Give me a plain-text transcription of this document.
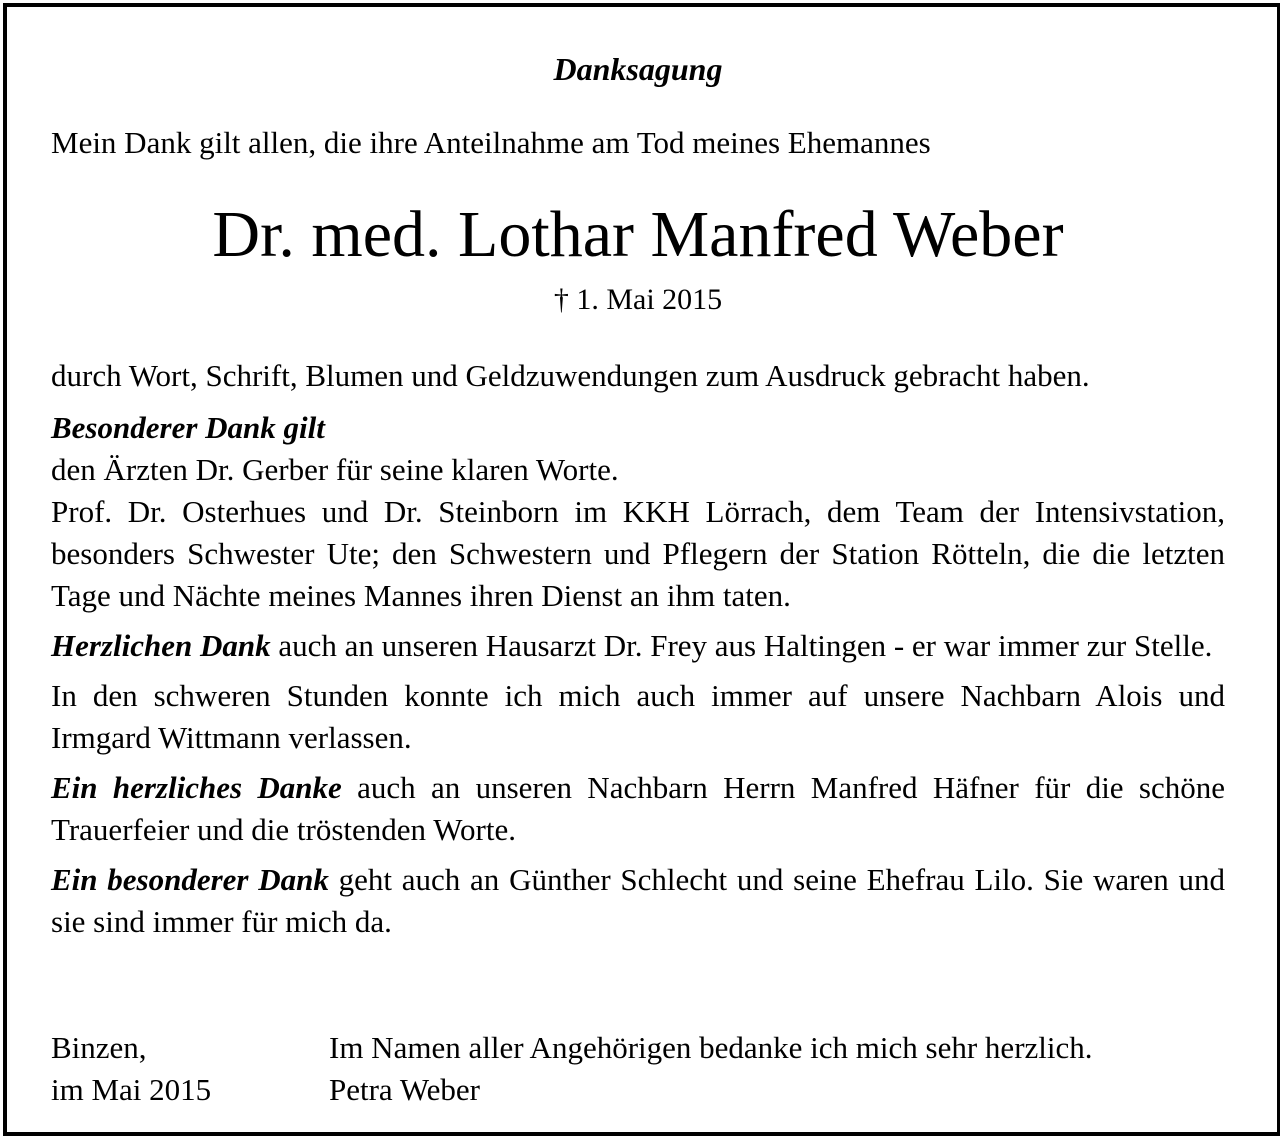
Danksagung
Mein Dank gilt allen, die ihre Anteilnahme am Tod meines Ehemannes
Dr. med. Lothar Manfred Weber
† 1. Mai 2015

durch Wort, Schrift, Blumen und Geldzuwendungen zum Ausdruck gebracht haben.

Besonderer Dank gilt

den Ärzten Dr. Gerber für seine klaren Worte.

Prof. Dr. Osterhues und Dr. Steinborn im KKH Lörrach, dem Team der Intensivstation, besonders Schwester Ute; den Schwestern und Pflegern der Station Rötteln, die die letzten Tage und Nächte meines Mannes ihren Dienst an ihm taten.

Herzlichen Dank auch an unseren Hausarzt Dr. Frey aus Haltingen - er war immer zur Stelle.

In den schweren Stunden konnte ich mich auch immer auf unsere Nachbarn Alois und Irmgard Wittmann verlassen.

Ein herzliches Danke auch an unseren Nachbarn Herrn Manfred Häfner für die schöne Trauerfeier und die tröstenden Worte.

Ein besonderer Dank geht auch an Günther Schlecht und seine Ehefrau Lilo. Sie waren und sie sind immer für mich da.

Binzen,
im Mai 2015
Im Namen aller Angehörigen bedanke ich mich sehr herzlich.
Petra Weber
